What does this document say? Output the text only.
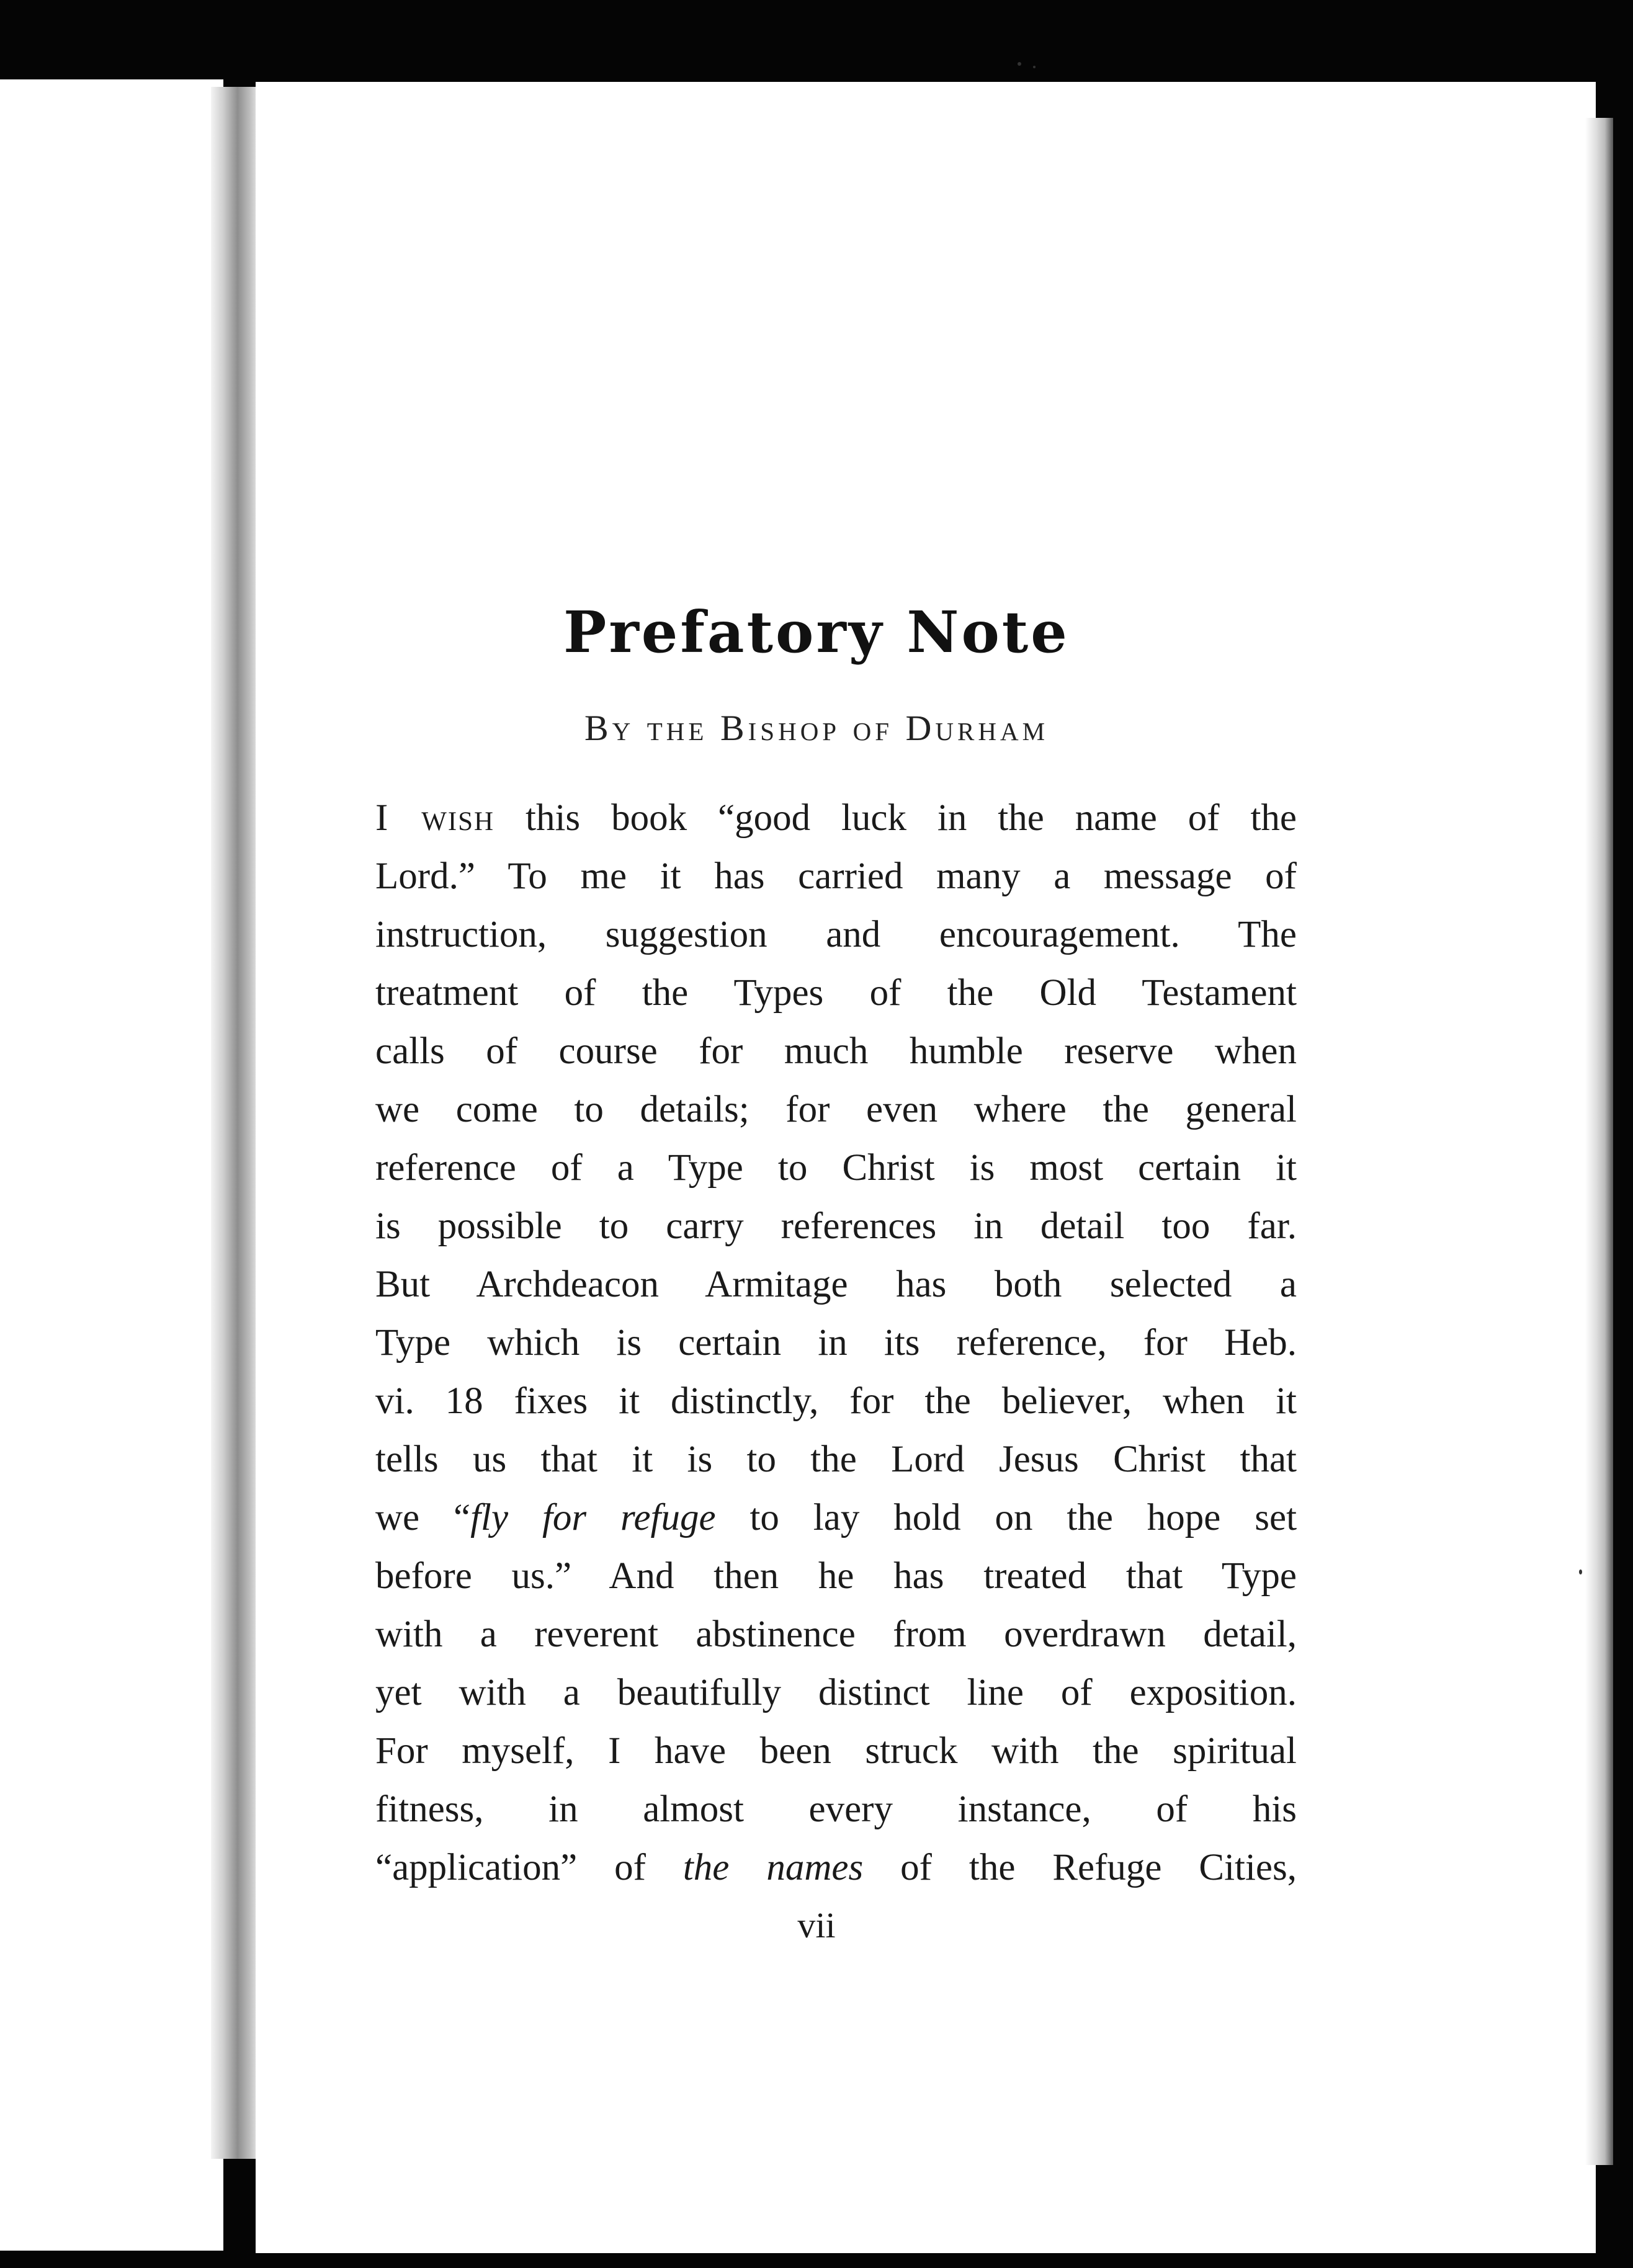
Prefatory Note
By the Bishop of Durham
I wish this book “good luck in the name of the
Lord.” To me it has carried many a message of
instruction, suggestion and encouragement. The
treatment of the Types of the Old Testament
calls of course for much humble reserve when
we come to details; for even where the general
reference of a Type to Christ is most certain it
is possible to carry references in detail too far.
But Archdeacon Armitage has both selected a
Type which is certain in its reference, for Heb.
vi. 18 fixes it distinctly, for the believer, when it
tells us that it is to the Lord Jesus Christ that
we “fly for refuge to lay hold on the hope set
before us.” And then he has treated that Type
with a reverent abstinence from overdrawn detail,
yet with a beautifully distinct line of exposition.
For myself, I have been struck with the spiritual
fitness, in almost every instance, of his
“application” of the names of the Refuge Cities,
vii
